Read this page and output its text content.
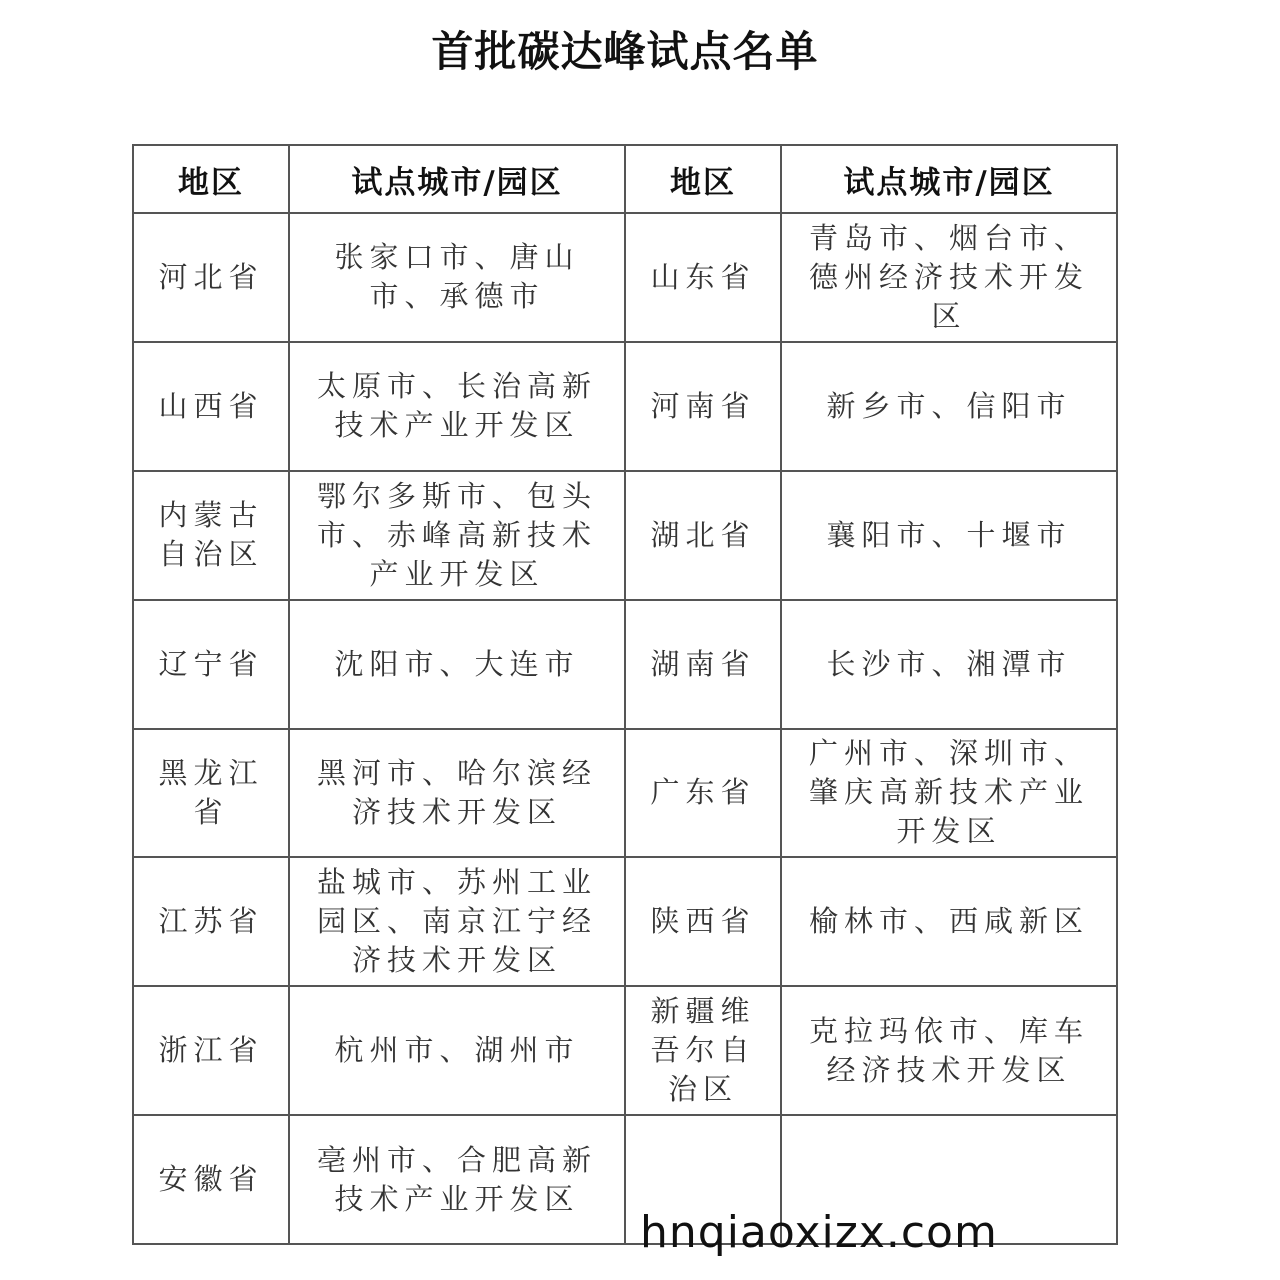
首批碳达峰试点名单
地区	试点城市/园区	地区	试点城市/园区
河北省	张家口市、唐山市、承德市	山东省	青岛市、烟台市、德州经济技术开发区
山西省	太原市、长治高新技术产业开发区	河南省	新乡市、信阳市
内蒙古自治区	鄂尔多斯市、包头市、赤峰高新技术产业开发区	湖北省	襄阳市、十堰市
辽宁省	沈阳市、大连市	湖南省	长沙市、湘潭市
黑龙江省	黑河市、哈尔滨经济技术开发区	广东省	广州市、深圳市、肇庆高新技术产业开发区
江苏省	盐城市、苏州工业园区、南京江宁经济技术开发区	陕西省	榆林市、西咸新区
浙江省	杭州市、湖州市	新疆维吾尔自治区	克拉玛依市、库车经济技术开发区
安徽省	亳州市、合肥高新技术产业开发区		
hnqiaoxizx.com
